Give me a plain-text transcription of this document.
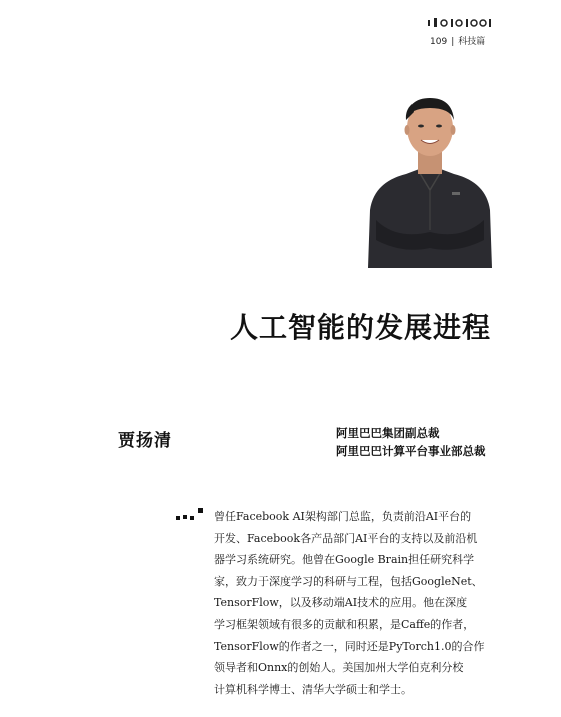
109 | 科技篇
人工智能的发展进程
贾扬清	阿里巴巴集团副总裁
阿里巴巴计算平台事业部总裁
曾任Facebook AI架构部门总监，负责前沿AI平台的
开发、Facebook各产品部门AI平台的支持以及前沿机
器学习系统研究。他曾在Google Brain担任研究科学
家，致力于深度学习的科研与工程，包括GoogleNet、
TensorFlow，以及移动端AI技术的应用。他在深度
学习框架领域有很多的贡献和积累，是Caffe的作者，
TensorFlow的作者之一，同时还是PyTorch1.0的合作
领导者和Onnx的创始人。美国加州大学伯克利分校
计算机科学博士、清华大学硕士和学士。
